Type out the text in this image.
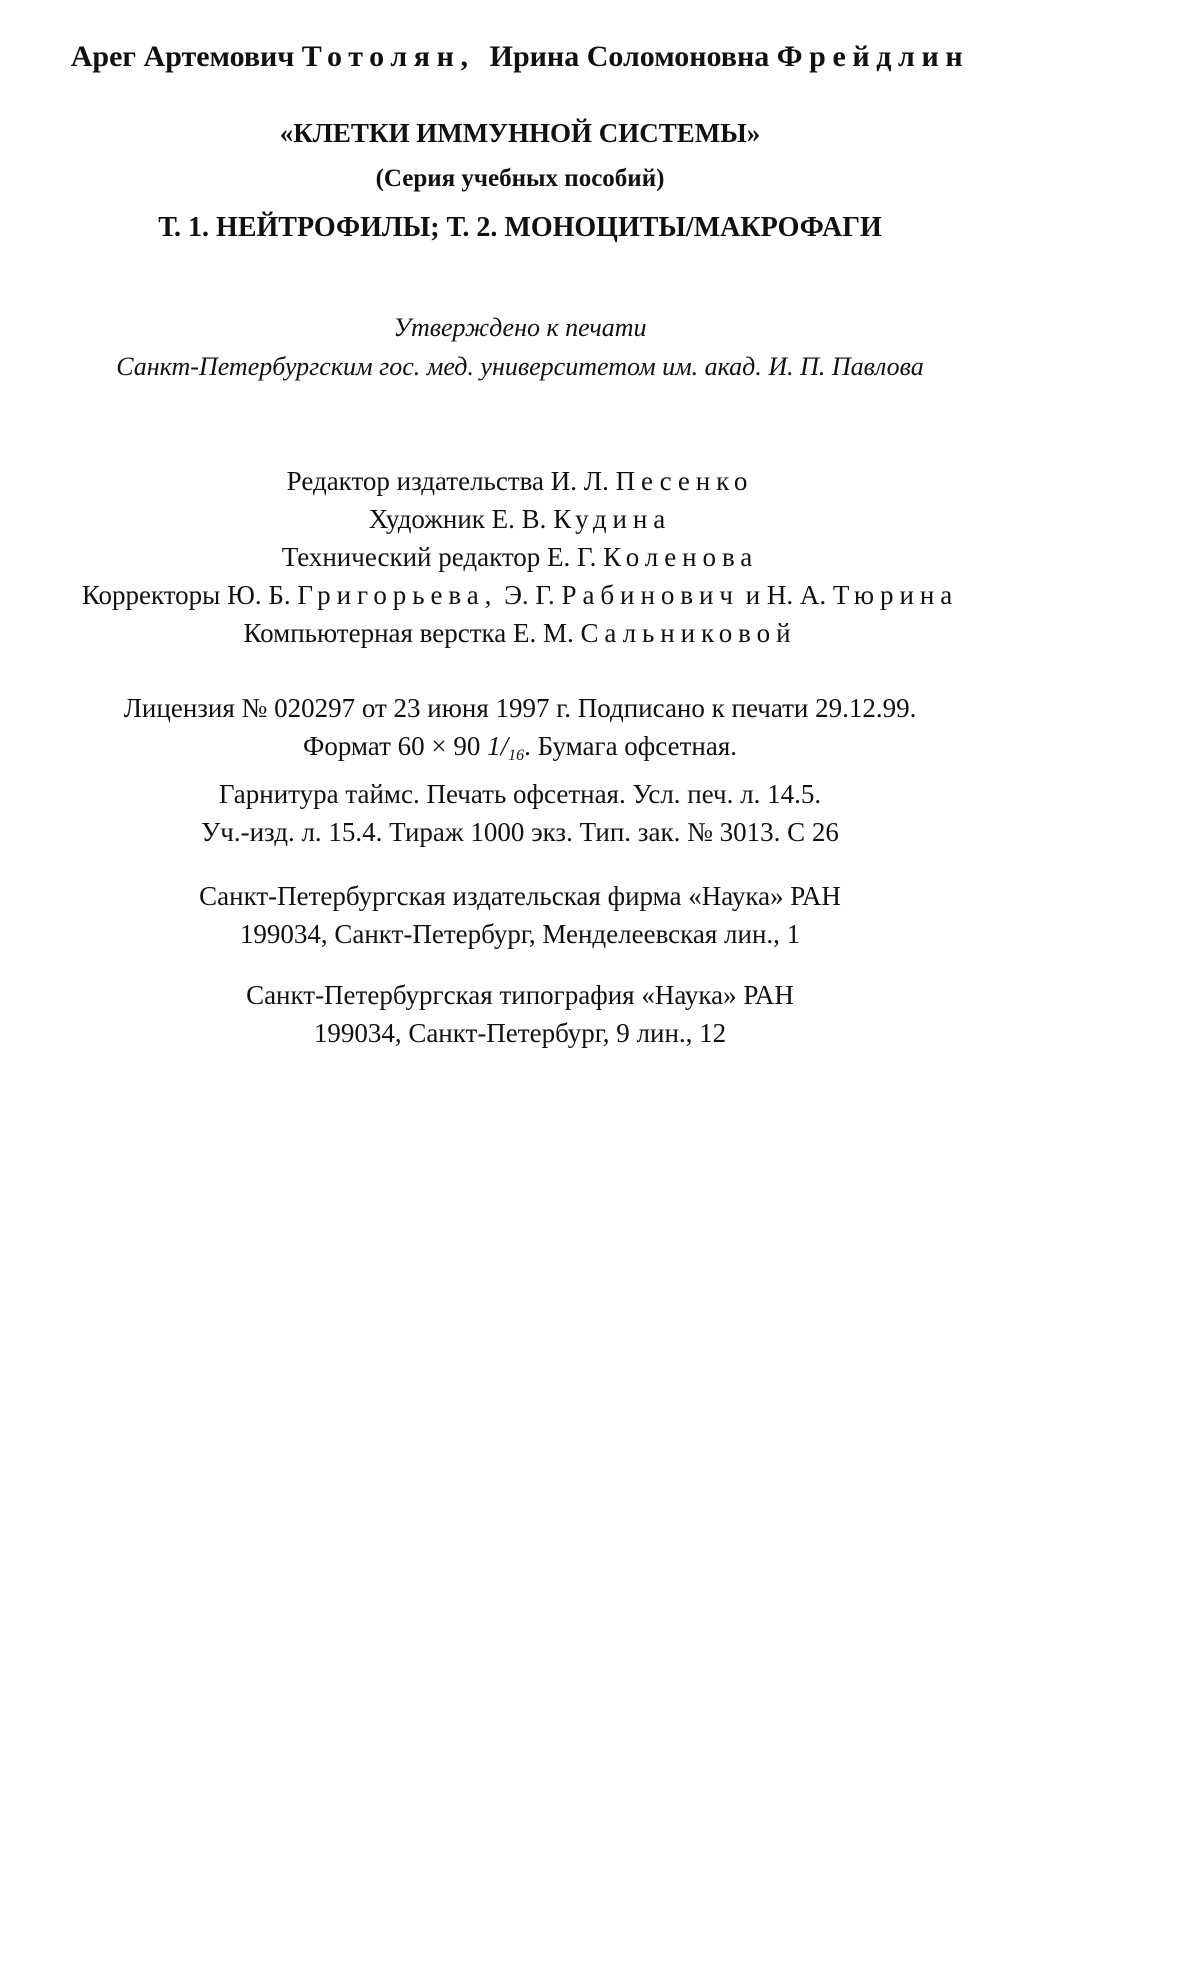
Арег Артемович Тотолян, Ирина Соломоновна Фрейдлин
«КЛЕТКИ ИММУННОЙ СИСТЕМЫ»
(Серия учебных пособий)
Т. 1. НЕЙТРОФИЛЫ; Т. 2. МОНОЦИТЫ/МАКРОФАГИ
Утверждено к печати
Санкт-Петербургским гос. мед. университетом им. акад. И. П. Павлова
Редактор издательства И. Л. Песенко
Художник Е. В. Кудина
Технический редактор Е. Г. Коленова
Корректоры Ю. Б. Григорьева, Э. Г. Рабинович и Н. А. Тюрина
Компьютерная верстка Е. М. Сальниковой
Лицензия № 020297 от 23 июня 1997 г. Подписано к печати 29.12.99.
Формат 60 × 90 $1/_{16}$. Бумага офсетная.
Гарнитура таймс. Печать офсетная. Усл. печ. л. 14.5.
Уч.-изд. л. 15.4. Тираж 1000 экз. Тип. зак. № 3013. С 26
Санкт-Петербургская издательская фирма «Наука» РАН
199034, Санкт-Петербург, Менделеевская лин., 1
Санкт-Петербургская типография «Наука» РАН
199034, Санкт-Петербург, 9 лин., 12
